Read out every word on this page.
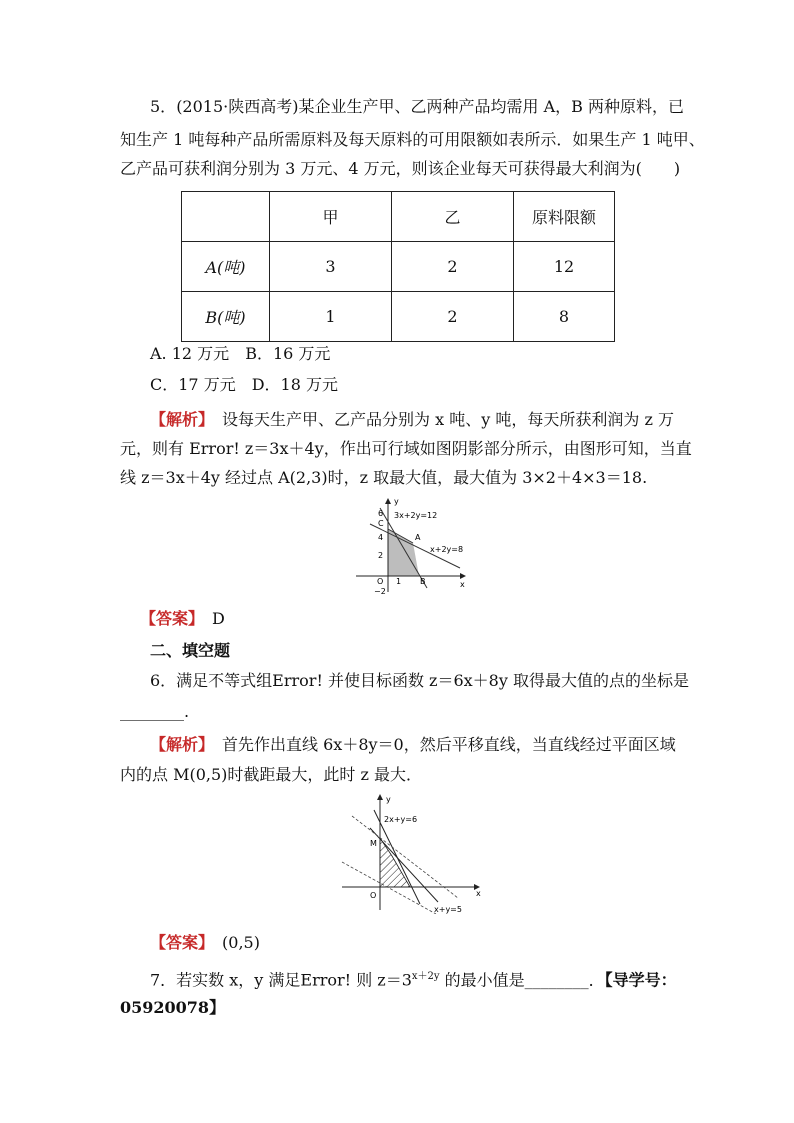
5．(2015·陕西高考)某企业生产甲、乙两种产品均需用 A，B 两种原料，已
知生产 1 吨每种产品所需原料及每天原料的可用限额如表所示．如果生产 1 吨甲、
乙产品可获利润分别为 3 万元、4 万元，则该企业每天可获得最大利润为(　　)
	甲	乙	原料限额
A(吨)	3	2	12
B(吨)	1	2	8
A. 12 万元　 B．16 万元
C．17 万元　 D．18 万元
【解析】　 设每天生产甲、乙产品分别为 x 吨、y 吨，每天所获利润为 z 万
元，则有 Error! z＝3x＋4y，作出可行域如图阴影部分所示，由图形可知，当直
线 z＝3x＋4y 经过点 A(2,3)时，z 取最大值，最大值为 3×2＋4×3＝18.
y
x
6
C
4
2
O
−2
1 B
A
3x+2y=12
x+2y=8
【答案】　 D
二、填空题
6．满足不等式组Error! 并使目标函数 z＝6x＋8y 取得最大值的点的坐标是
________.
【解析】　 首先作出直线 6x＋8y＝0，然后平移直线，当直线经过平面区域
内的点 M(0,5)时截距最大，此时 z 最大．
y
x
O
M
2x+y=6
x+y=5
【答案】　 (0,5)
7．若实数 x，y 满足Error! 则 $z=3^{x+2y}$ 的最小值是________．【导学号：
05920078】
